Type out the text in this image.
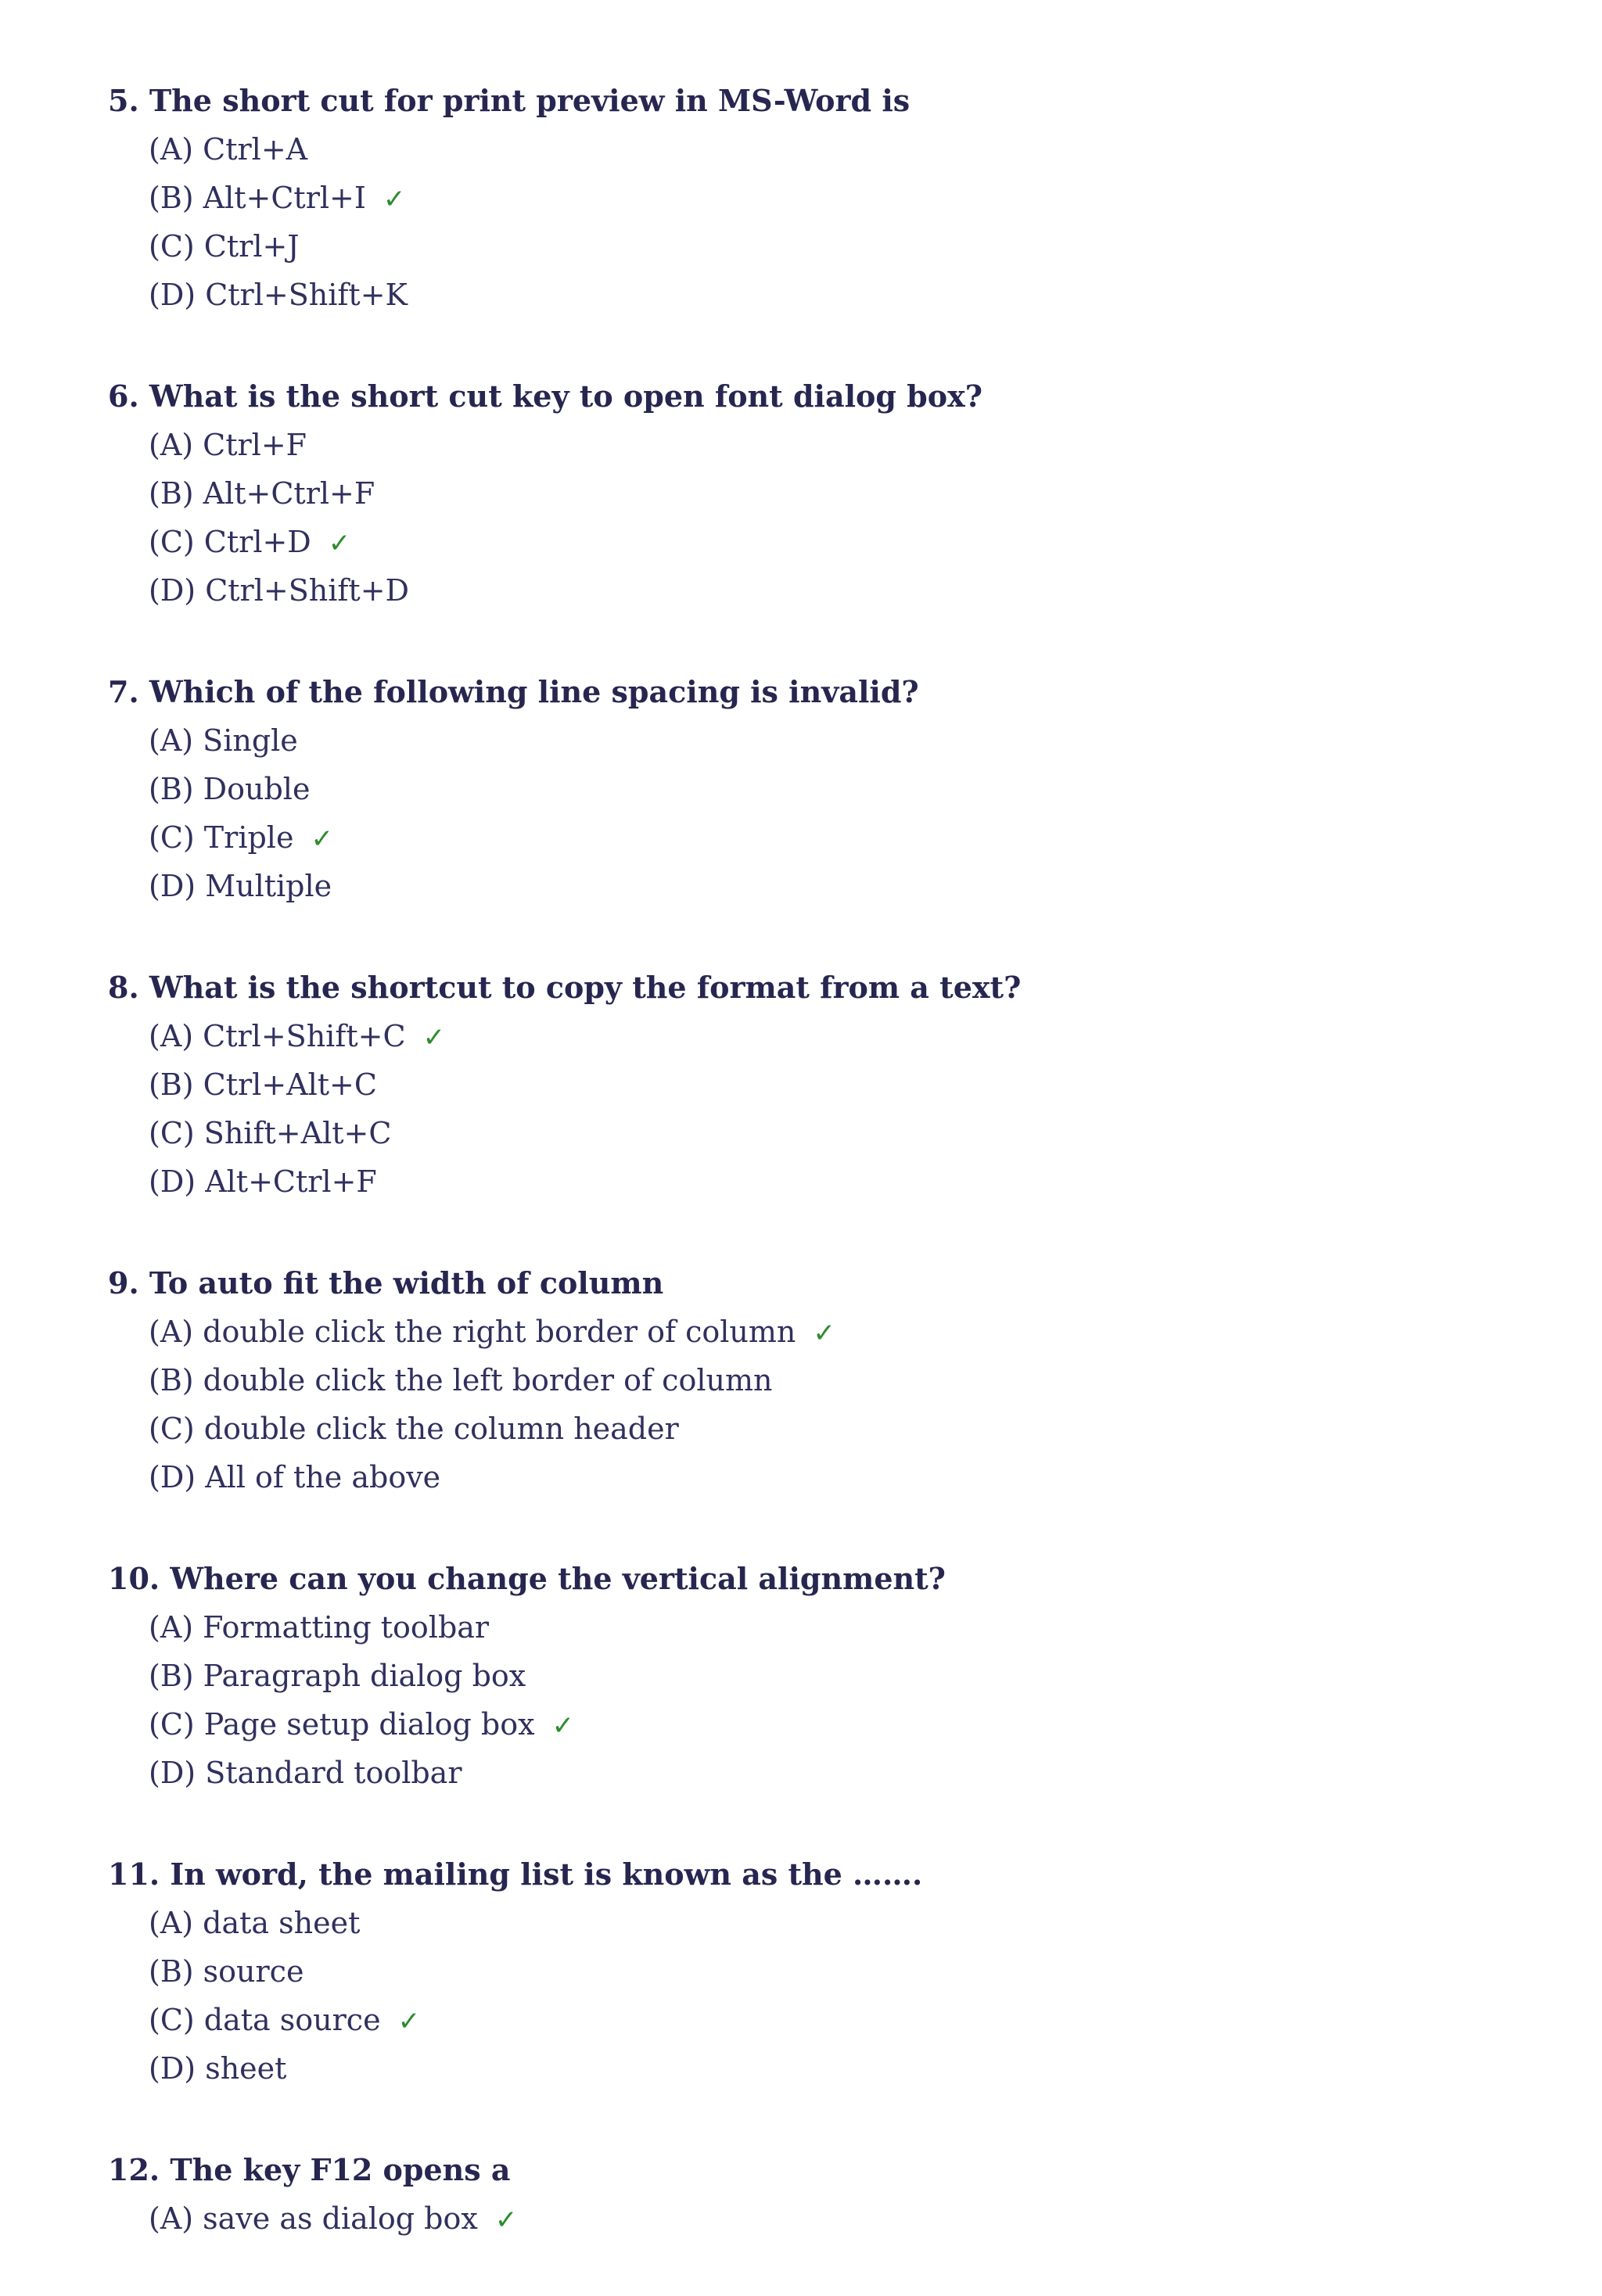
5. The short cut for print preview in MS-Word is
(A) Ctrl+A
(B) Alt+Ctrl+I ✓
(C) Ctrl+J
(D) Ctrl+Shift+K
6. What is the short cut key to open font dialog box?
(A) Ctrl+F
(B) Alt+Ctrl+F
(C) Ctrl+D ✓
(D) Ctrl+Shift+D
7. Which of the following line spacing is invalid?
(A) Single
(B) Double
(C) Triple ✓
(D) Multiple
8. What is the shortcut to copy the format from a text?
(A) Ctrl+Shift+C ✓
(B) Ctrl+Alt+C
(C) Shift+Alt+C
(D) Alt+Ctrl+F
9. To auto fit the width of column
(A) double click the right border of column ✓
(B) double click the left border of column
(C) double click the column header
(D) All of the above
10. Where can you change the vertical alignment?
(A) Formatting toolbar
(B) Paragraph dialog box
(C) Page setup dialog box ✓
(D) Standard toolbar
11. In word, the mailing list is known as the …….
(A) data sheet
(B) source
(C) data source ✓
(D) sheet
12. The key F12 opens a
(A) save as dialog box ✓
